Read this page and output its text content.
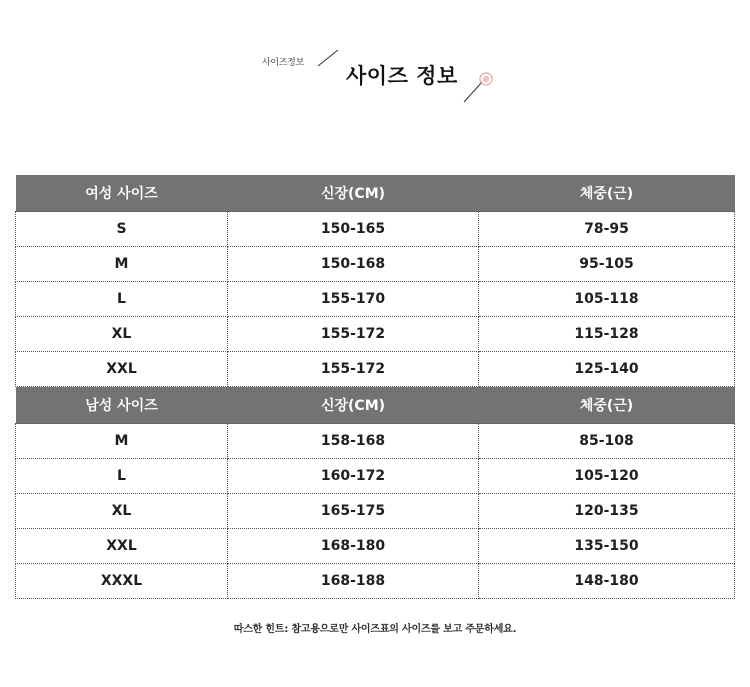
사이즈정보
사이즈 정보
여성 사이즈	신장(CM)	체중(근)
S	150-165	78-95
M	150-168	95-105
L	155-170	105-118
XL	155-172	115-128
XXL	155-172	125-140
남성 사이즈	신장(CM)	체중(근)
M	158-168	85-108
L	160-172	105-120
XL	165-175	120-135
XXL	168-180	135-150
XXXL	168-188	148-180
따스한 힌트: 참고용으로만 사이즈표의 사이즈를 보고 주문하세요.
